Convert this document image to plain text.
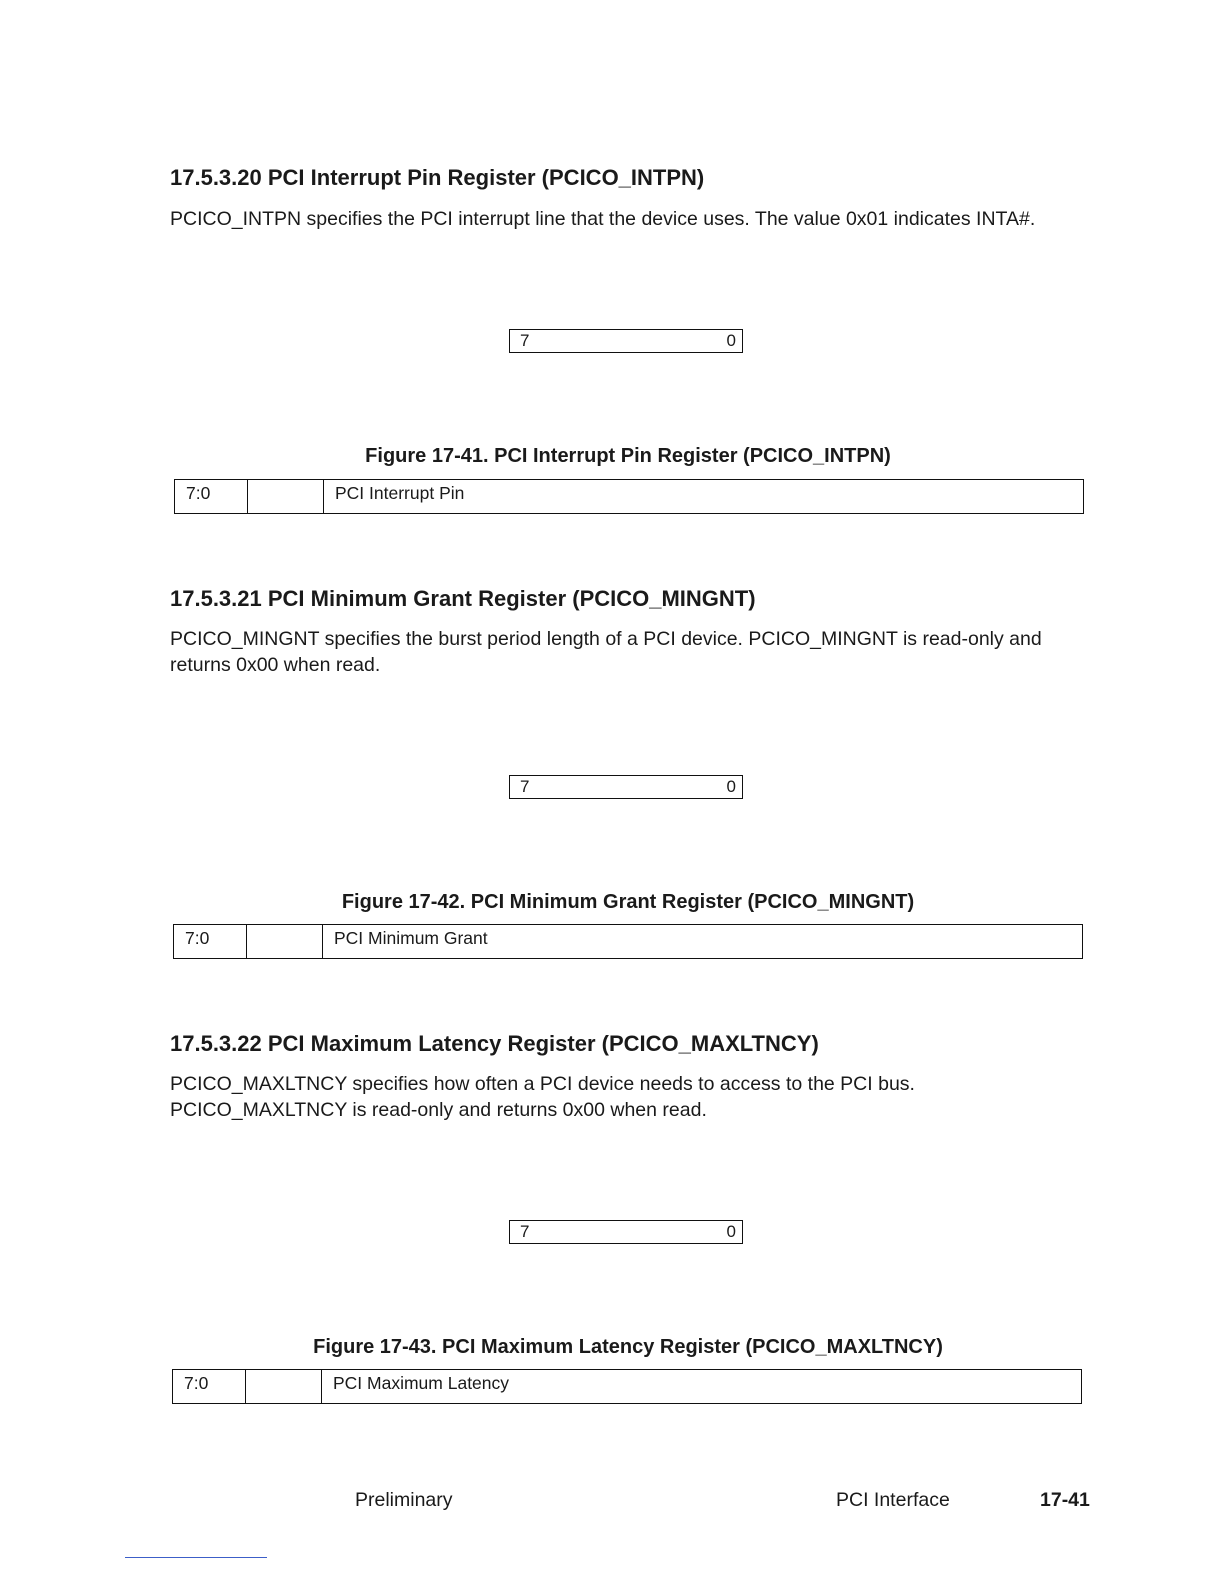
17.5.3.20 PCI Interrupt Pin Register (PCICO_INTPN)

PCICO_INTPN specifies the PCI interrupt line that the device uses. The value 0x01 indicates INTA#.

7	0
Figure 17-41. PCI Interrupt Pin Register (PCICO_INTPN)
7:0	PCI Interrupt Pin
17.5.3.21 PCI Minimum Grant Register (PCICO_MINGNT)

PCICO_MINGNT specifies the burst period length of a PCI device. PCICO_MINGNT is read-only and
returns 0x00 when read.

7	0
Figure 17-42. PCI Minimum Grant Register (PCICO_MINGNT)
7:0	PCI Minimum Grant
17.5.3.22 PCI Maximum Latency Register (PCICO_MAXLTNCY)

PCICO_MAXLTNCY specifies how often a PCI device needs to access to the PCI bus.
PCICO_MAXLTNCY is read-only and returns 0x00 when read.

7	0
Figure 17-43. PCI Maximum Latency Register (PCICO_MAXLTNCY)
7:0	PCI Maximum Latency
Preliminary	PCI Interface	17-41
